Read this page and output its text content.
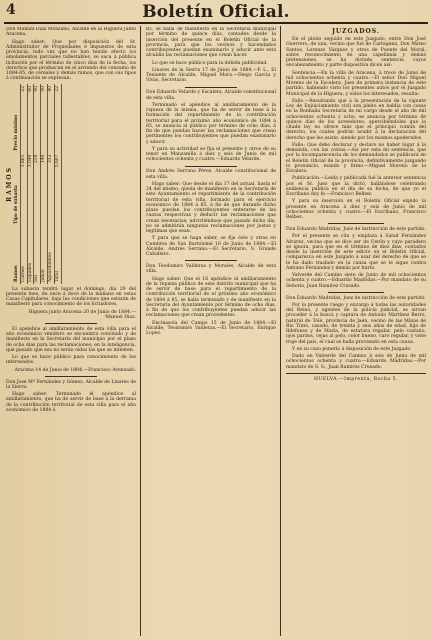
4	Boletín Oficial.

Don Manuel Díaz Monzano, Alcalde de la Higuera junto Aracena.

Hago saber: Que por disposición del Sr. Administrador de Propiedades é impuestos de esta provincia, todo vez que no han tenido efecto los emolumentos parciales tallestables, se saca á pública licitación por el término de cinco días de la fecha, los derechos que produzcan en el arriendo del consumo de 1884-85, de cereales y demás ramos, que con sus tipos á continuación se expresan:

RAMOS
Ramos	Tipo de subasta	Precio mínimo
Carnes	1.865	22
Líquidos	3.040	60
Sal	250	00
Jabón	140	00
Aguardientes	312	40
Total	5.607	22

La subasta tendrá lugar el domingo, día 29 del presente mes, de once á doce de la mañana en estas Casas Capitulares, bajo las condiciones que estarán de manifiesto para conocimiento de los licitadores.

Higuera junto Aracena 20 de Junio de 1884.—Manuel Díaz.

El apéndice al amillaramiento de esta villa para el año económico venidero se encuentra concluido y de manifiesto en la Secretaría del municipio por el plazo de ocho días para las reclamaciones; en la inteligencia, que pasado que sea no serán oídas las que se intenten.

Lo que se hace público para conocimiento de los interesados.

Aracena 14 de Junio de 1884.—Francisco Avenzado.

Don José Mª Fernández y Gómez, Alcalde de Linares de la Sierra.

Hago saber: Terminado el apéndice al amillaramiento, que ha de servir de base á la derrama de la contribución territorial de esta villa para el año económico de 1884 á

85, se halla de manifiesto en la Secretaría municipal por término de quince días, contados desde la inserción del presente en el Boletín Oficial de la provincia, para que los vecinos y hacendados contribuyentes puedan examinarlo y aducir ante esta alcaldía las reclamaciones que crean hacer.

Lo que se hace público para la debida publicidad.

Linares de la Sierra 17 de Junio de 1884.—P. L., El Teniente de Alcalde, Miguel Mora.—Diego Garcia y Vivas, Secretario.

Don Eduardo Velarde y Escalera, Alcalde constitucional de esta villa.

Terminado el apéndice al amillaramiento de la riqueza de la misma, que ha de servir de base á la formación del repartimiento de la contribución territorial para el próximo año económico de 1884 á 85, se anuncia al público por término de ocho días, á fin de que puedan hacer las reclamaciones que crean pertinentes los contribuyentes que puedan examinarlo y aducir.

Y para su actividad se fija el presente y otros de su tenor en Manzanilla á diez y seis de Junio de mil ochocientos ochenta y cuatro.—Eduardo Velarde.

Don Andrés Serrano Pérez, Alcalde constitucional de esta villa.

Hago saber: Que desde el día 17 del actual, hasta el 24 del mismo, queda de manifiesto en la Secretaría de este Ayuntamiento el repartimiento de la contribución territorial de esta villa, formado para el ejercicio económico de 1884 á 85, á fin de que durante dicho plazo puedan los contribuyentes enterarse de las cuotas respectivas y deducir las reclamaciones que crean necesarias; advirtiéndose que pasado dicho día, no se admitirán ningunas reclamaciones por justas y legítimas que sean.

Y para que se haga saber, se fija éste y otros en Cumbres de San Bartolomé 16 de Junio de 1884.—El Alcalde, Andrés Serrano.—El Secretario, S. Grande Caballero.

Don Teodomiro Valderas y Morales, Alcalde de esta villa.

Hago saber: Que el 16 apéndice al amillaramiento de la riqueza pública de este distrito municipal que ha de servir de base para el repartimiento de la contribución territorial de el próximo año económico de 1884 á 85, se halla terminado y de manifiesto en la Secretaría del Ayuntamiento por término de ocho días, á fin de que los contribuyentes puedan aducir las reclamaciones que crean procedentes.

Encinasola del Campo 15 de Junio de 1884.—El Alcalde, Teodomiro Valderas.—El Secretario, Enrique Lopez.

JUZGADOS.

En el pleito seguido en este Juzgado, entre Don José Guerrero, de una, vecino que fué de Cartagena, Don Mateo Santos, Lorenzo Vázquez y otros de Puente del Moral, sobre reconocimiento de una capellanía y demás pretensiones, se ha dictado sentencia cuyos encabezamiento y parte dispositiva dicen así:

Sentencia.—En la villa de Aracena, á trece de Junio de mil ochocientos ochenta y cuatro.—El señor Don Miguel Moreno de la Escalera, Juez de primera instancia de este partido, habiendo visto los presentes autos por el Juzgado Municipal de la Higuera, y oídos los interesados, resulta:

Fallo.—Resultando que á la presentación de la vigente Ley de Enjuiciamiento civil son pleito en baldía con cosas en la Bonhaíla Secretaría de mi cargo desde el año de mil ochocientos ochenta y ocho, se anuncia por término de quince días de los acreedores, apercibiéndoles que la citada ley no ofrece más que el principio común del derecho, los cuales podrán acudir á la declaración del derecho que les asiste, siendo por los mismos apoderados.

Fallo: Que debo declarar y declaro no haber lugar á la demanda, con las costas.—Así por esta mi sentencia, que por la incomparecencia de los demandados se publicará en el Boletín Oficial de la provincia, definitivamente juzgando lo pronuncio, mando y firmo.—Miguel Moreno de la Escalera.

Publicación.—Leída y publicada fué la anterior sentencia por el Sr. Juez que la dictó, hallándose celebrando audiencia pública en el día de su fecha, de que yo el Escribano doy fe.—Francisco Belbez.

Y para su inserción en el Boletín Oficial expido la presente en Aracena á diez y seis de Junio de mil ochocientos ochenta y cuatro.—El Escribano, Francisco Belbez.

Don Eduardo Madridas, Juez de instrucción de este partido.

Por el presente se cita y emplaza á Salud Fernández Alvarez, vecina que se dice ser de Cerón y cuyo paradero se ignora, para que en el término de diez días, contados desde la inserción de este edicto en el Boletín Oficial, comparezca en este Juzgado á usar del derecho de que se le ha dado traslado en la causa que se le sigue contra Antonio Fernández y demás por hurto.

Valverde del Camino siete de Junio de mil ochocientos ochenta y cuatro.—Eduardo Madridas.—Por mandato de su Señoría, Juan Ramírez Crusado.

Don Eduardo Madridas, Juez de instrucción de este partido.

Por la presente ruego y encargo á todas las autoridades del Reino, y agentes de la policía judicial, se sirvan proceder á la busca y captura de Antonio Martínez Berro, natural de Tolé, provincia de Jaén, vecino de las Minas de Rio Tinto, casado, de treinta y seis años de edad, hijo de Ildefonso y de María, de estatura regular, pelo castaño, ojos pardos, cejas al pelo, color bueno, caro regular, y viste traje del país, el cual se halla procesado en esta causa.

Y en su caso ponerlo á disposición de este Juzgado.

Dado en Valverde del Camino á seis de Junio de mil ochocientos ochenta y cuatro.—Eduardo Madridas.—Por mandato de S. S., Juan Ramírez Crusado.

HUELVA.—Imprenta, Rocha 5.
